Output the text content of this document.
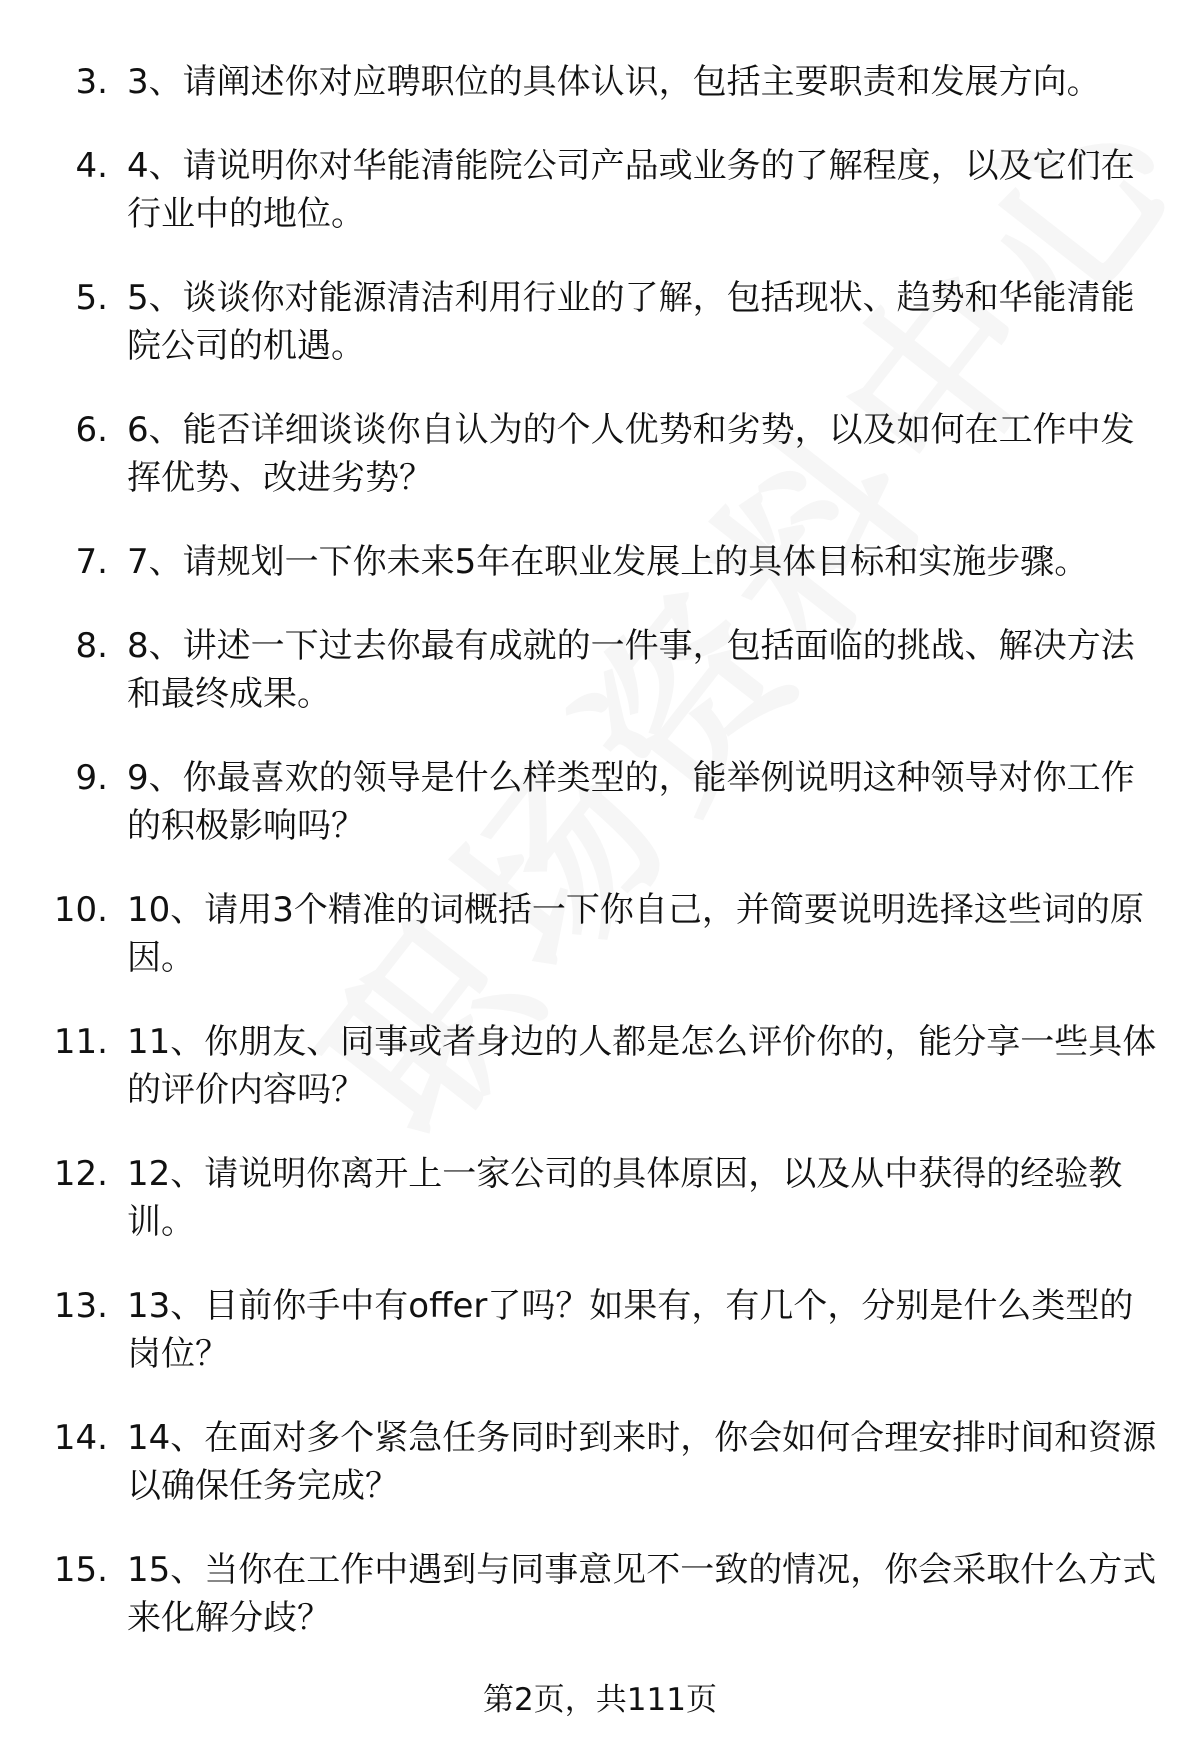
3. 3、请阐述你对应聘职位的具体认识，包括主要职责和发展方向。
4. 4、请说明你对华能清能院公司产品或业务的了解程度，以及它们在行业中的地位。
5. 5、谈谈你对能源清洁利用行业的了解，包括现状、趋势和华能清能院公司的机遇。
6. 6、能否详细谈谈你自认为的个人优势和劣势，以及如何在工作中发挥优势、改进劣势？
7. 7、请规划一下你未来5年在职业发展上的具体目标和实施步骤。
8. 8、讲述一下过去你最有成就的一件事，包括面临的挑战、解决方法和最终成果。
9. 9、你最喜欢的领导是什么样类型的，能举例说明这种领导对你工作的积极影响吗？
10. 10、请用3个精准的词概括一下你自己，并简要说明选择这些词的原因。
11. 11、你朋友、同事或者身边的人都是怎么评价你的，能分享一些具体的评价内容吗？
12. 12、请说明你离开上一家公司的具体原因，以及从中获得的经验教训。
13. 13、目前你手中有offer了吗？如果有，有几个，分别是什么类型的岗位？
14. 14、在面对多个紧急任务同时到来时，你会如何合理安排时间和资源以确保任务完成？
15. 15、当你在工作中遇到与同事意见不一致的情况，你会采取什么方式来化解分歧？
第2页，共111页
